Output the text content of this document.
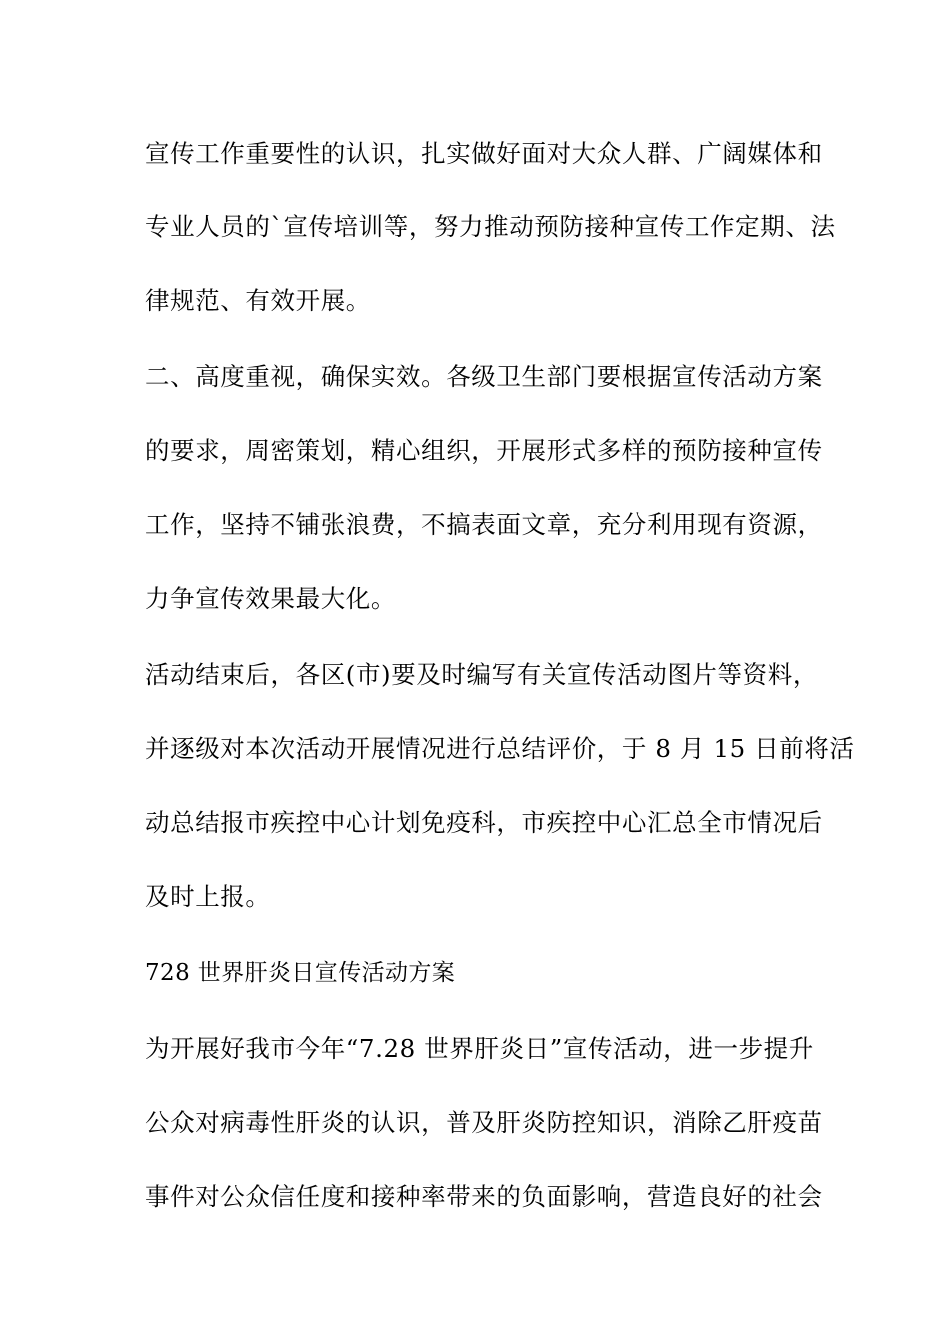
宣传工作重要性的认识，扎实做好面对大众人群、广阔媒体和
专业人员的`宣传培训等，努力推动预防接种宣传工作定期、法
律规范、有效开展。
二、高度重视，确保实效。各级卫生部门要根据宣传活动方案
的要求，周密策划，精心组织，开展形式多样的预防接种宣传
工作，坚持不铺张浪费，不搞表面文章，充分利用现有资源，
力争宣传效果最大化。
活动结束后，各区(市)要及时编写有关宣传活动图片等资料，
并逐级对本次活动开展情况进行总结评价，于 8 月 15 日前将活
动总结报市疾控中心计划免疫科，市疾控中心汇总全市情况后
及时上报。
728 世界肝炎日宣传活动方案
为开展好我市今年“7.28 世界肝炎日”宣传活动，进一步提升
公众对病毒性肝炎的认识，普及肝炎防控知识，消除乙肝疫苗
事件对公众信任度和接种率带来的负面影响，营造良好的社会
